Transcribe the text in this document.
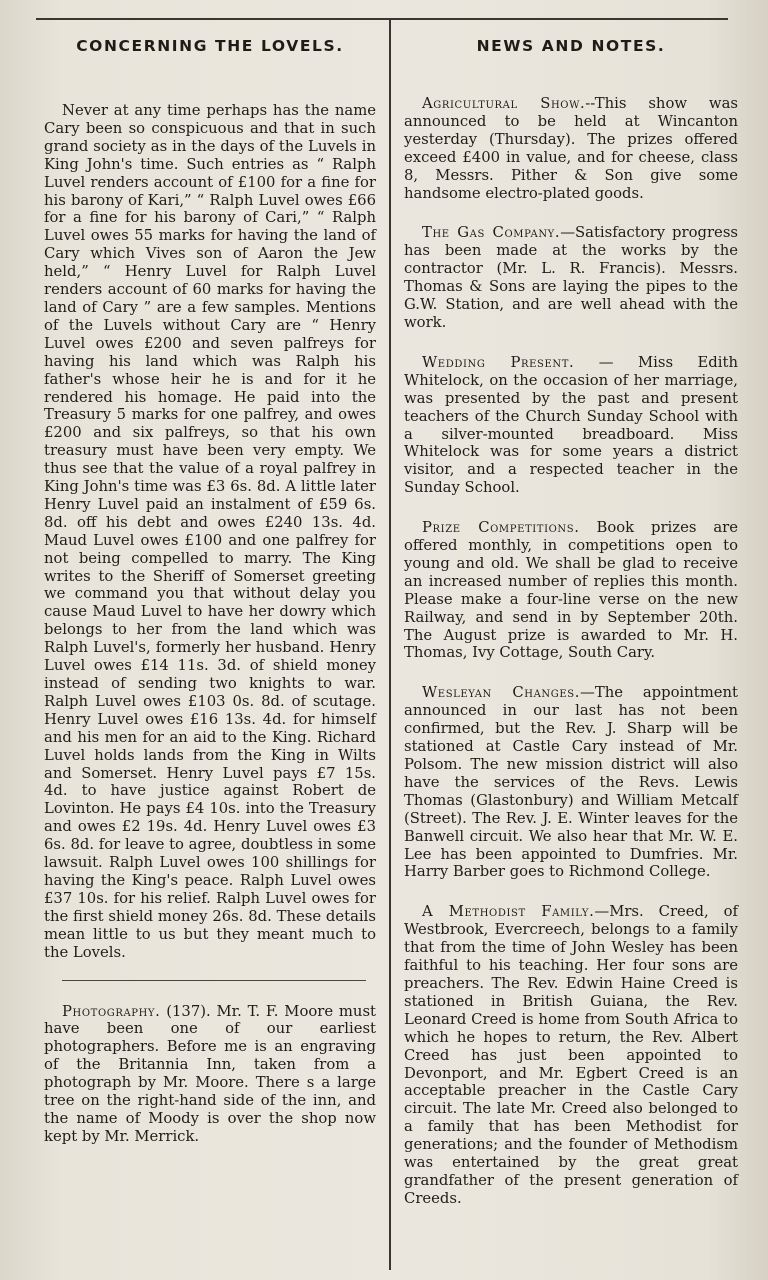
CONCERNING THE LOVELS.

Never at any time perhaps has the name Cary been so conspicuous and that in such grand society as in the days of the Luvels in King John's time. Such entries as “ Ralph Luvel renders account of £100 for a fine for his barony of Kari,” “ Ralph Luvel owes £66 for a fine for his barony of Cari,” “ Ralph Luvel owes 55 marks for having the land of Cary which Vives son of Aaron the Jew held,” “ Henry Luvel for Ralph Luvel renders account of 60 marks for having the land of Cary ” are a few samples. Mentions of the Luvels without Cary are “ Henry Luvel owes £200 and seven palfreys for having his land which was Ralph his father's whose heir he is and for it he rendered his homage. He paid into the Treasury 5 marks for one palfrey, and owes £200 and six palfreys, so that his own treasury must have been very empty. We thus see that the value of a royal palfrey in King John's time was £3 6s. 8d. A little later Henry Luvel paid an instalment of £59 6s. 8d. off his debt and owes £240 13s. 4d. Maud Luvel owes £100 and one palfrey for not being compelled to marry. The King writes to the Sheriff of Somerset greeting we command you that without delay you cause Maud Luvel to have her dowry which belongs to her from the land which was Ralph Luvel's, formerly her husband. Henry Luvel owes £14 11s. 3d. of shield money instead of sending two knights to war. Ralph Luvel owes £103 0s. 8d. of scutage. Henry Luvel owes £16 13s. 4d. for himself and his men for an aid to the King. Richard Luvel holds lands from the King in Wilts and Somerset. Henry Luvel pays £7 15s. 4d. to have justice against Robert de Lovinton. He pays £4 10s. into the Treasury and owes £2 19s. 4d. Henry Luvel owes £3 6s. 8d. for leave to agree, doubtless in some lawsuit. Ralph Luvel owes 100 shillings for having the King's peace. Ralph Luvel owes £37 10s. for his relief. Ralph Luvel owes for the first shield money 26s. 8d. These details mean little to us but they meant much to the Lovels.

Photography. (137). Mr. T. F. Moore must have been one of our earliest photographers. Before me is an engraving of the Britannia Inn, taken from a photograph by Mr. Moore. There s a large tree on the right-hand side of the inn, and the name of Moody is over the shop now kept by Mr. Merrick.

NEWS AND NOTES.

Agricultural Show.--This show was announced to be held at Wincanton yesterday (Thursday). The prizes offered exceed £400 in value, and for cheese, class 8, Messrs. Pither & Son give some handsome electro-plated goods.

The Gas Company.—Satisfactory progress has been made at the works by the contractor (Mr. L. R. Francis). Messrs. Thomas & Sons are laying the pipes to the G.W. Station, and are well ahead with the work.

Wedding Present. — Miss Edith Whitelock, on the occasion of her marriage, was presented by the past and present teachers of the Church Sunday School with a silver-mounted breadboard. Miss Whitelock was for some years a district visitor, and a respected teacher in the Sunday School.

Prize Competitions. Book prizes are offered monthly, in competitions open to young and old. We shall be glad to receive an increased number of replies this month. Please make a four-line verse on the new Railway, and send in by September 20th. The August prize is awarded to Mr. H. Thomas, Ivy Cottage, South Cary.

Wesleyan Changes.—The appointment announced in our last has not been confirmed, but the Rev. J. Sharp will be stationed at Castle Cary instead of Mr. Polsom. The new mission district will also have the services of the Revs. Lewis Thomas (Glastonbury) and William Metcalf (Street). The Rev. J. E. Winter leaves for the Banwell circuit. We also hear that Mr. W. E. Lee has been appointed to Dumfries. Mr. Harry Barber goes to Richmond College.

A Methodist Family.—Mrs. Creed, of Westbrook, Evercreech, belongs to a family that from the time of John Wesley has been faithful to his teaching. Her four sons are preachers. The Rev. Edwin Haine Creed is stationed in British Guiana, the Rev. Leonard Creed is home from South Africa to which he hopes to return, the Rev. Albert Creed has just been appointed to Devonport, and Mr. Egbert Creed is an acceptable preacher in the Castle Cary circuit. The late Mr. Creed also belonged to a family that has been Methodist for generations; and the founder of Methodism was entertained by the great great grandfather of the present generation of Creeds.
